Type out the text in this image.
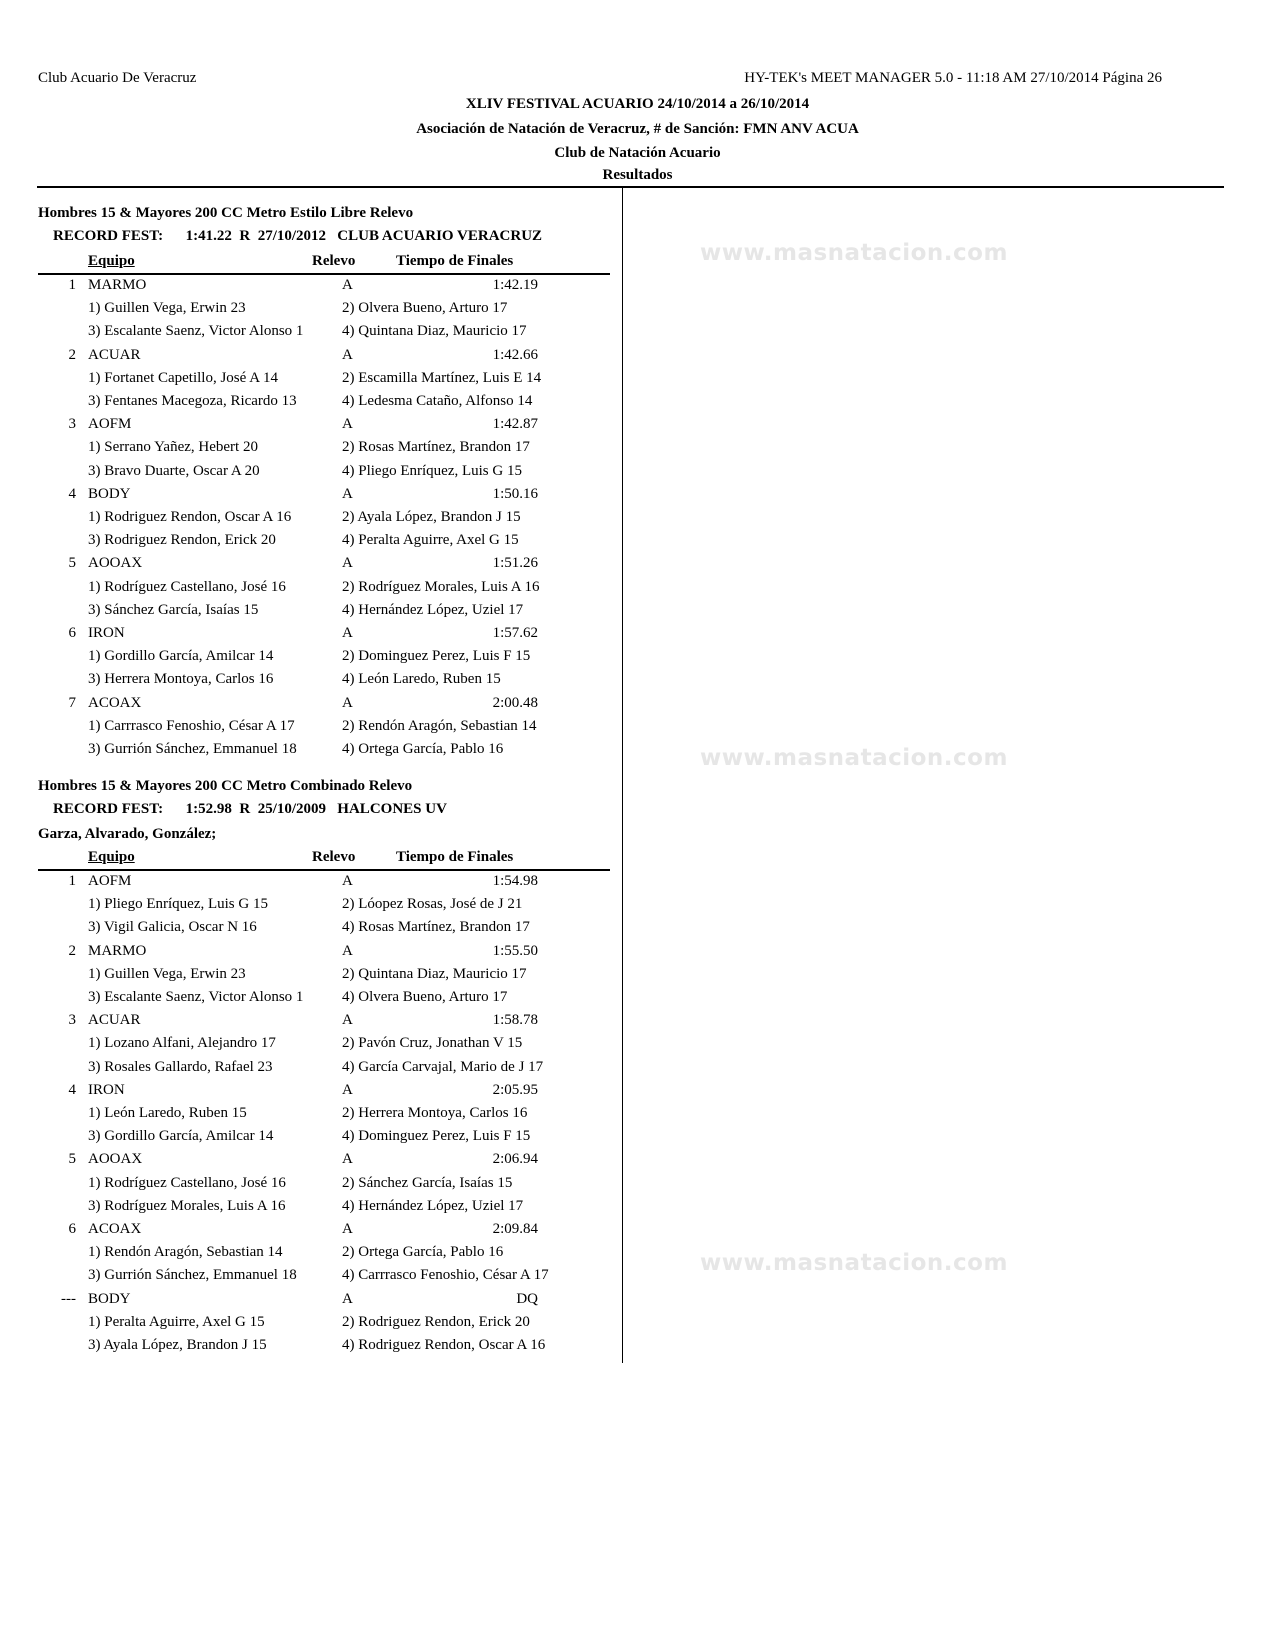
Club Acuario De Veracruz	HY-TEK's MEET MANAGER 5.0 - 11:18 AM 27/10/2014 Página 26
XLIV FESTIVAL ACUARIO 24/10/2014 a 26/10/2014
Asociación de Natación de Veracruz, # de Sanción: FMN ANV ACUA
Club de Natación Acuario
Resultados
www.masnatacion.com
www.masnatacion.com
www.masnatacion.com
Hombres 15 & Mayores 200 CC Metro Estilo Libre Relevo
RECORD FEST:      1:41.22  R  27/10/2012   CLUB ACUARIO VERACRUZ
Equipo	Relevo	Tiempo de Finales
1 MARMO	A	1:42.19
1) Guillen Vega, Erwin 23	2) Olvera Bueno, Arturo 17
3) Escalante Saenz, Victor Alonso 1	4) Quintana Diaz, Mauricio 17
2 ACUAR	A	1:42.66
1) Fortanet Capetillo, José A 14	2) Escamilla Martínez, Luis E 14
3) Fentanes Macegoza, Ricardo 13	4) Ledesma Cataño, Alfonso 14
3 AOFM	A	1:42.87
1) Serrano Yañez, Hebert 20	2) Rosas Martínez, Brandon 17
3) Bravo Duarte, Oscar A 20	4) Pliego Enríquez, Luis G 15
4 BODY	A	1:50.16
1) Rodriguez Rendon, Oscar A 16	2) Ayala López, Brandon J 15
3) Rodriguez Rendon, Erick 20	4) Peralta Aguirre, Axel G 15
5 AOOAX	A	1:51.26
1) Rodríguez Castellano, José 16	2) Rodríguez Morales, Luis A 16
3) Sánchez García, Isaías 15	4) Hernández López, Uziel 17
6 IRON	A	1:57.62
1) Gordillo García, Amilcar 14	2) Dominguez Perez, Luis F 15
3) Herrera Montoya, Carlos 16	4) León Laredo, Ruben 15
7 ACOAX	A	2:00.48
1) Carrrasco Fenoshio, César A 17	2) Rendón Aragón, Sebastian 14
3) Gurrión Sánchez, Emmanuel 18	4) Ortega García, Pablo 16
Hombres 15 & Mayores 200 CC Metro Combinado Relevo
RECORD FEST:      1:52.98  R  25/10/2009   HALCONES UV
Garza, Alvarado, González;
Equipo	Relevo	Tiempo de Finales
1 AOFM	A	1:54.98
1) Pliego Enríquez, Luis G 15	2) Lóopez Rosas, José de J 21
3) Vigil Galicia, Oscar N 16	4) Rosas Martínez, Brandon 17
2 MARMO	A	1:55.50
1) Guillen Vega, Erwin 23	2) Quintana Diaz, Mauricio 17
3) Escalante Saenz, Victor Alonso 1	4) Olvera Bueno, Arturo 17
3 ACUAR	A	1:58.78
1) Lozano Alfani, Alejandro 17	2) Pavón Cruz, Jonathan V 15
3) Rosales Gallardo, Rafael 23	4) García Carvajal, Mario de J 17
4 IRON	A	2:05.95
1) León Laredo, Ruben 15	2) Herrera Montoya, Carlos 16
3) Gordillo García, Amilcar 14	4) Dominguez Perez, Luis F 15
5 AOOAX	A	2:06.94
1) Rodríguez Castellano, José 16	2) Sánchez García, Isaías 15
3) Rodríguez Morales, Luis A 16	4) Hernández López, Uziel 17
6 ACOAX	A	2:09.84
1) Rendón Aragón, Sebastian 14	2) Ortega García, Pablo 16
3) Gurrión Sánchez, Emmanuel 18	4) Carrrasco Fenoshio, César A 17
--- BODY	A	DQ
1) Peralta Aguirre, Axel G 15	2) Rodriguez Rendon, Erick 20
3) Ayala López, Brandon J 15	4) Rodriguez Rendon, Oscar A 16
